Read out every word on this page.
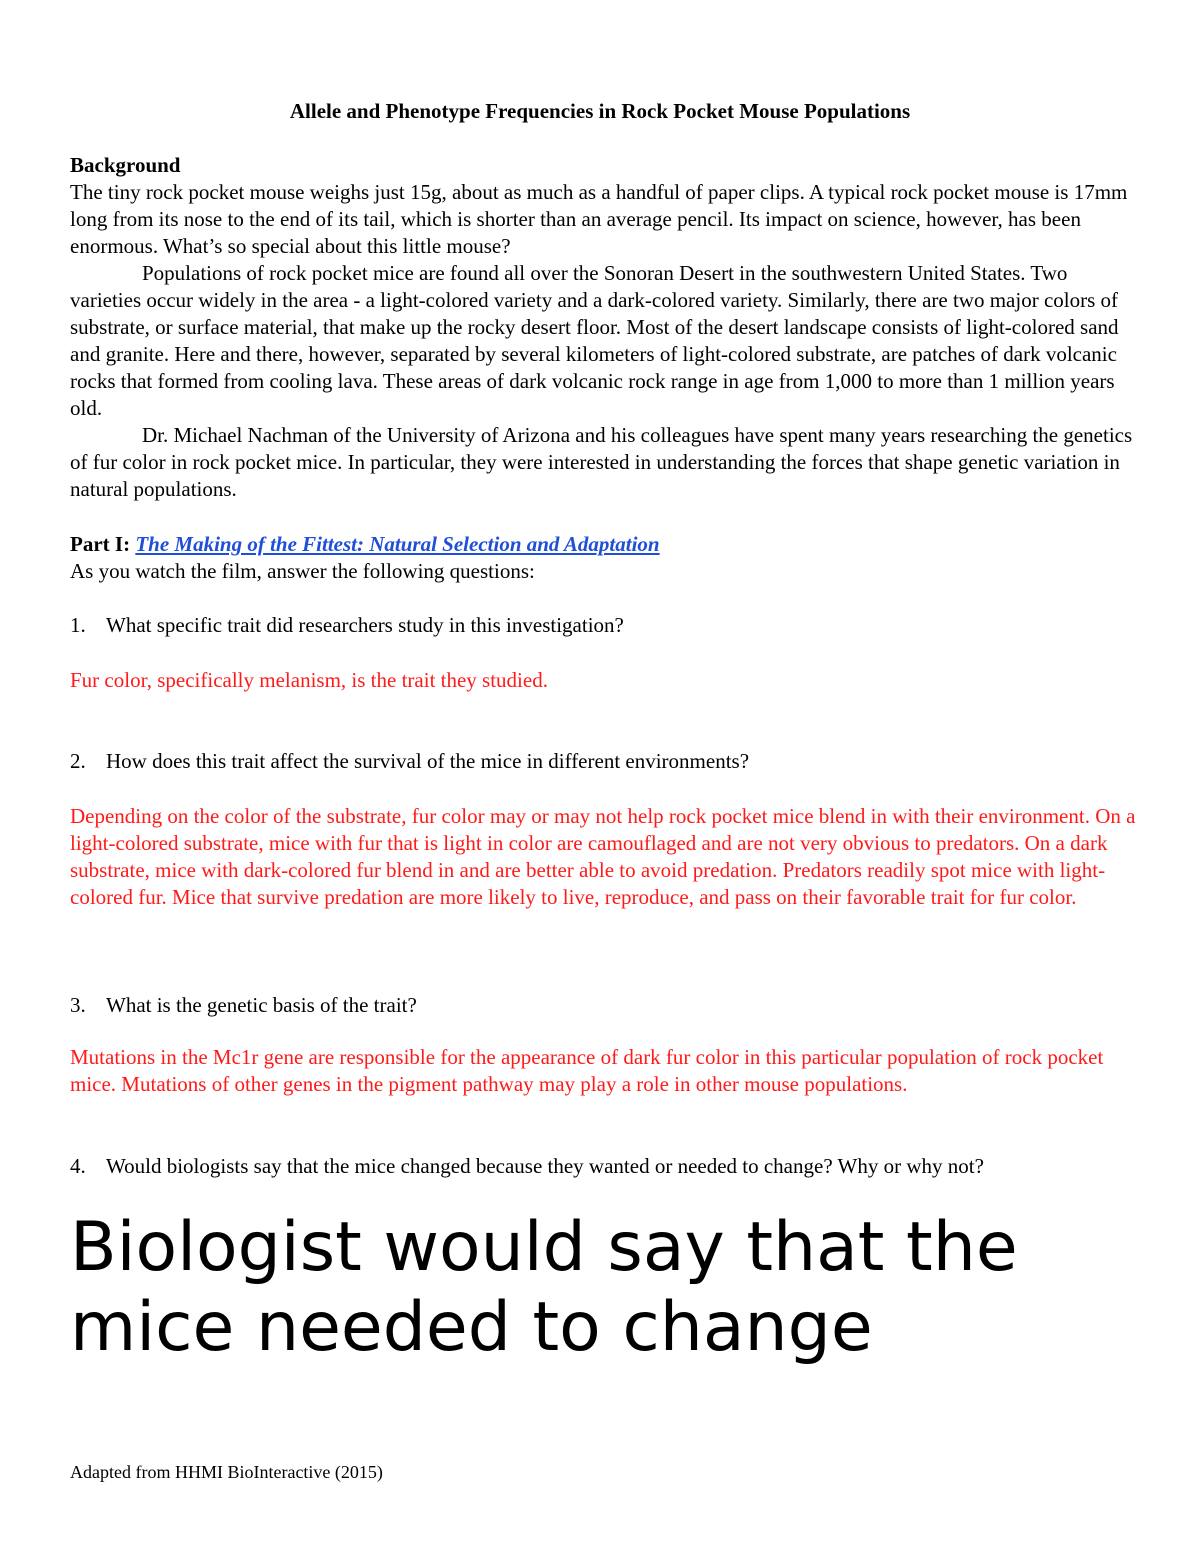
Allele and Phenotype Frequencies in Rock Pocket Mouse Populations
Background

The tiny rock pocket mouse weighs just 15g, about as much as a handful of paper clips. A typical rock pocket mouse is 17mm long from its nose to the end of its tail, which is shorter than an average pencil. Its impact on science, however, has been enormous. What’s so special about this little mouse?

Populations of rock pocket mice are found all over the Sonoran Desert in the southwestern United States. Two varieties occur widely in the area - a light-colored variety and a dark-colored variety. Similarly, there are two major colors of substrate, or surface material, that make up the rocky desert floor. Most of the desert landscape consists of light-colored sand and granite. Here and there, however, separated by several kilometers of light-colored substrate, are patches of dark volcanic rocks that formed from cooling lava. These areas of dark volcanic rock range in age from 1,000 to more than 1 million years old.

Dr. Michael Nachman of the University of Arizona and his colleagues have spent many years researching the genetics of fur color in rock pocket mice. In particular, they were interested in understanding the forces that shape genetic variation in natural populations.

Part I: The Making of the Fittest: Natural Selection and Adaptation
As you watch the film, answer the following questions:
1. What specific trait did researchers study in this investigation?
Fur color, specifically melanism, is the trait they studied.
2. How does this trait affect the survival of the mice in different environments?
Depending on the color of the substrate, fur color may or may not help rock pocket mice blend in with their environment. On a light-colored substrate, mice with fur that is light in color are camouflaged and are not very obvious to predators. On a dark substrate, mice with dark-colored fur blend in and are better able to avoid predation. Predators readily spot mice with light-colored fur. Mice that survive predation are more likely to live, reproduce, and pass on their favorable trait for fur color.
3. What is the genetic basis of the trait?
Mutations in the Mc1r gene are responsible for the appearance of dark fur color in this particular population of rock pocket mice. Mutations of other genes in the pigment pathway may play a role in other mouse populations.
4. Would biologists say that the mice changed because they wanted or needed to change? Why or why not?
Biologist would say that the mice needed to change
Adapted from HHMI BioInteractive (2015)
